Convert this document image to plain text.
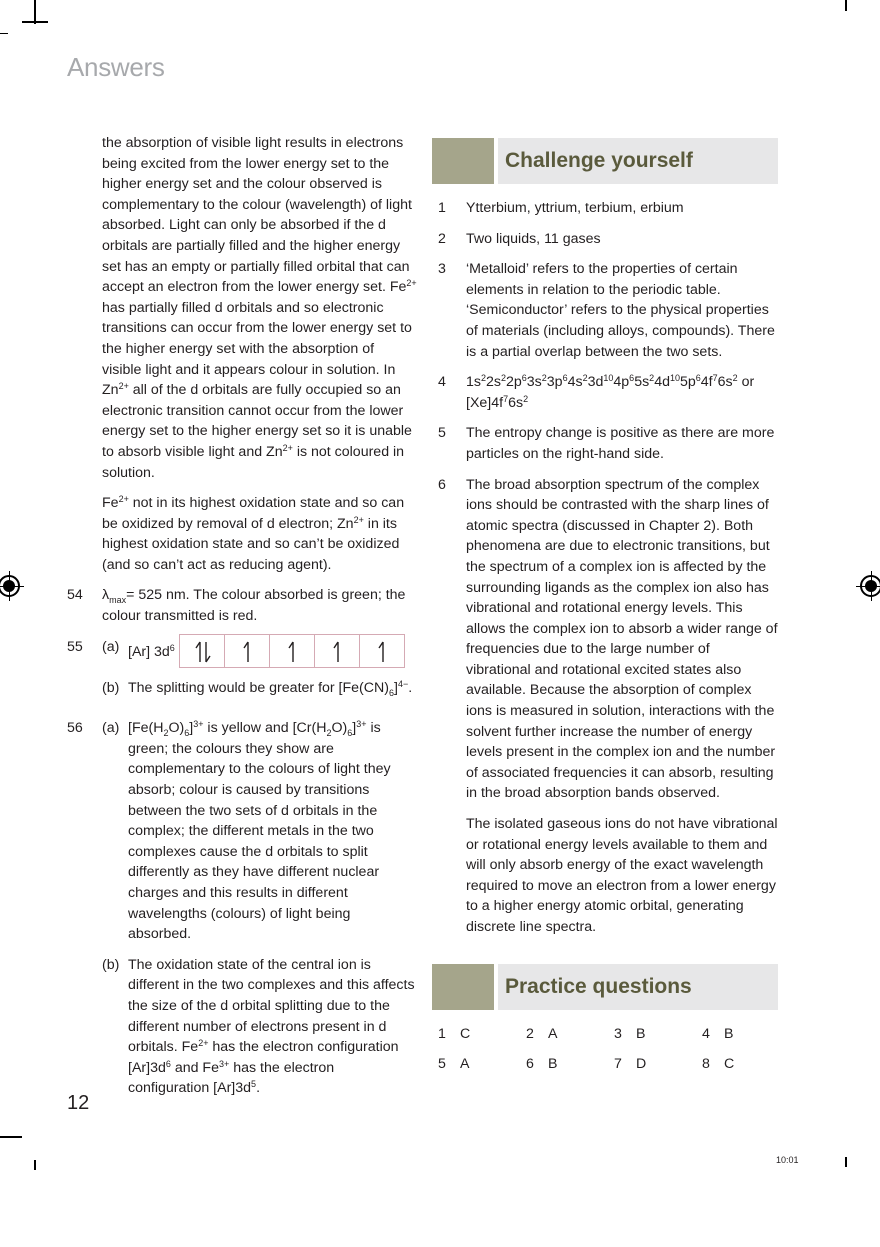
Answers

the absorption of visible light results in electrons being excited from the lower energy set to the higher energy set and the colour observed is complementary to the colour (wavelength) of light absorbed. Light can only be absorbed if the d orbitals are partially filled and the higher energy set has an empty or partially filled orbital that can accept an electron from the lower energy set. $Fe^{2+}$ has partially filled d orbitals and so electronic transitions can occur from the lower energy set to the higher energy set with the absorption of visible light and it appears colour in solution. In $Zn^{2+}$ all of the d orbitals are fully occupied so an electronic transition cannot occur from the lower energy set to the higher energy set so it is unable to absorb visible light and $Zn^{2+}$ is not coloured in solution.

$Fe^{2+}$ not in its highest oxidation state and so can be oxidized by removal of d electron; $Zn^{2+}$ in its highest oxidation state and so can’t be oxidized (and so can’t act as reducing agent).

54	$\lambda_{max}= 525$ nm. The colour absorbed is green; the colour transmitted is red.
55	(a) [Ar] $3d^6$
(b) The splitting would be greater for $[Fe(CN)_6]^{4-}$.
56	(a) $[Fe(H_2O)_6]^{3+}$ is yellow and $[Cr(H_2O)_6]^{3+}$ is green; the colours they show are complementary to the colours of light they absorb; colour is caused by transitions between the two sets of d orbitals in the complex; the different metals in the two complexes cause the d orbitals to split differently as they have different nuclear charges and this results in different wavelengths (colours) of light being absorbed.
(b) The oxidation state of the central ion is different in the two complexes and this affects the size of the d orbital splitting due to the different number of electrons present in d orbitals. $Fe^{2+}$ has the electron configuration $[Ar]3d^6$ and $Fe^{3+}$ has the electron configuration $[Ar]3d^5$.
Challenge yourself
1	Ytterbium, yttrium, terbium, erbium
2	Two liquids, 11 gases
3	‘Metalloid’ refers to the properties of certain elements in relation to the periodic table. ‘Semiconductor’ refers to the physical properties of materials (including alloys, compounds). There is a partial overlap between the two sets.
4	$1s^22s^22p^63s^23p^64s^23d^{10}4p^65s^24d^{10}5p^64f^76s^2$ or
$[Xe]4f^76s^2$
5	The entropy change is positive as there are more particles on the right-hand side.
6	The broad absorption spectrum of the complex ions should be contrasted with the sharp lines of atomic spectra (discussed in Chapter 2). Both phenomena are due to electronic transitions, but the spectrum of a complex ion is affected by the surrounding ligands as the complex ion also has vibrational and rotational energy levels. This allows the complex ion to absorb a wider range of frequencies due to the large number of vibrational and rotational excited states also available. Because the absorption of complex ions is measured in solution, interactions with the solvent further increase the number of energy levels present in the complex ion and the number of associated frequencies it can absorb, resulting in the broad absorption bands observed.

The isolated gaseous ions do not have vibrational or rotational energy levels available to them and will only absorb energy of the exact wavelength required to move an electron from a lower energy to a higher energy atomic orbital, generating discrete line spectra.

Practice questions
1 C	2 A	3 B	4 B
5 A	6 B	7 D	8 C
12
10:01
